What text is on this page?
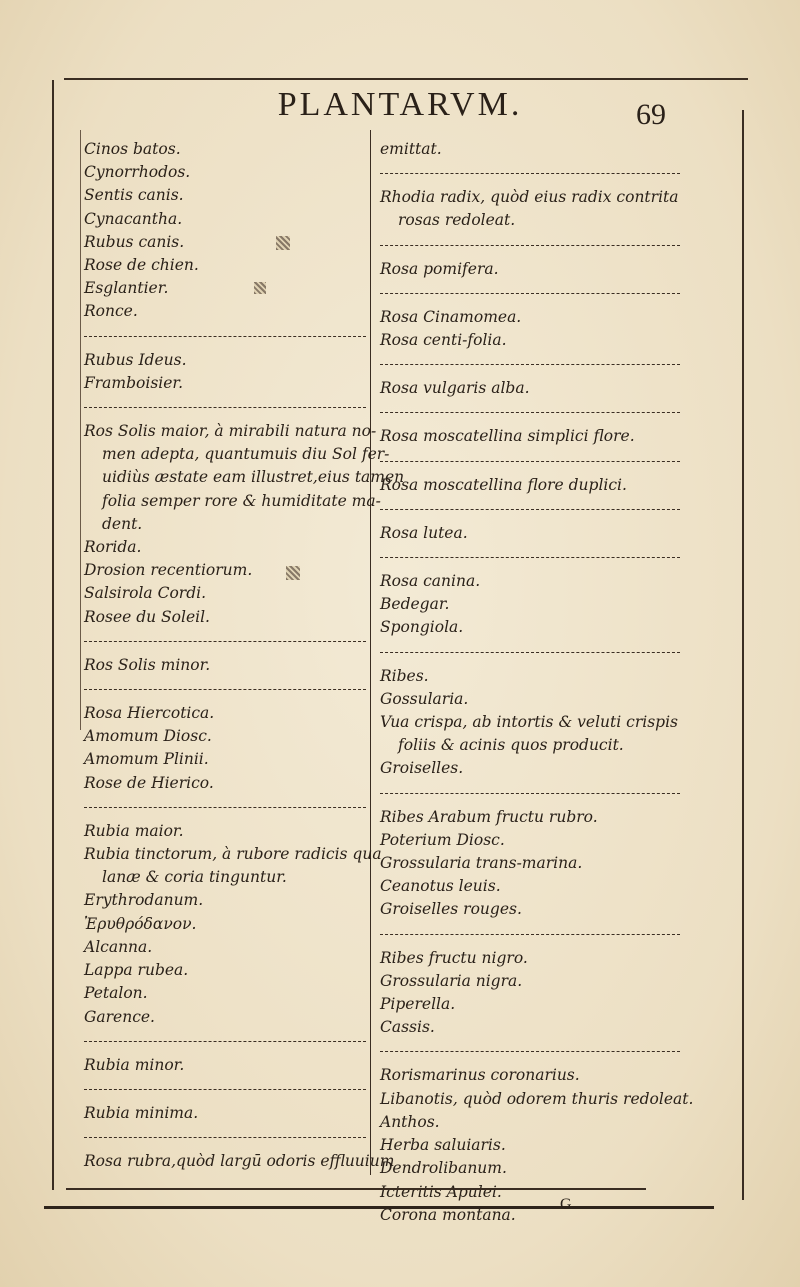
PLANTARVM.	69
Cinos batos.
Cynorrhodos.
Sentis canis.
Cynacantha.
Rubus canis.
Rose de chien.
Esglantier.
Ronce.
Rubus Ideus.
Framboisier.
Ros Solis maior, à mirabili natura no-
men adepta, quantumuis diu Sol fer-
uidiùs æstate eam illustret,eius tamen
folia semper rore & humiditate ma-
dent.
Rorida.
Drosion recentiorum.
Salsirola Cordi.
Rosee du Soleil.
Ros Solis minor.
Rosa Hiercotica.
Amomum Diosc.
Amomum Plinii.
Rose de Hierico.
Rubia maior.
Rubia tinctorum, à rubore radicis qua
lanæ & coria tinguntur.
Erythrodanum.
Ἐρυθρόδανον.
Alcanna.
Lappa rubea.
Petalon.
Garence.
Rubia minor.
Rubia minima.
Rosa rubra,quòd largū odoris effluuium
emittat.
Rhodia radix, quòd eius radix contrita
rosas redoleat.
Rosa pomifera.
Rosa Cinamomea.
Rosa centi-folia.
Rosa vulgaris alba.
Rosa moscatellina simplici flore.
Rosa moscatellina flore duplici.
Rosa lutea.
Rosa canina.
Bedegar.
Spongiola.
Ribes.
Gossularia.
Vua crispa, ab intortis & veluti crispis
foliis & acinis quos producit.
Groiselles.
Ribes Arabum fructu rubro.
Poterium Diosc.
Grossularia trans-marina.
Ceanotus leuis.
Groiselles rouges.
Ribes fructu nigro.
Grossularia nigra.
Piperella.
Cassis.
Rorismarinus coronarius.
Libanotis, quòd odorem thuris redoleat.
Anthos.
Herba saluiaris.
Dendrolibanum.
Icteritis Apulei.
Corona montana.
G
